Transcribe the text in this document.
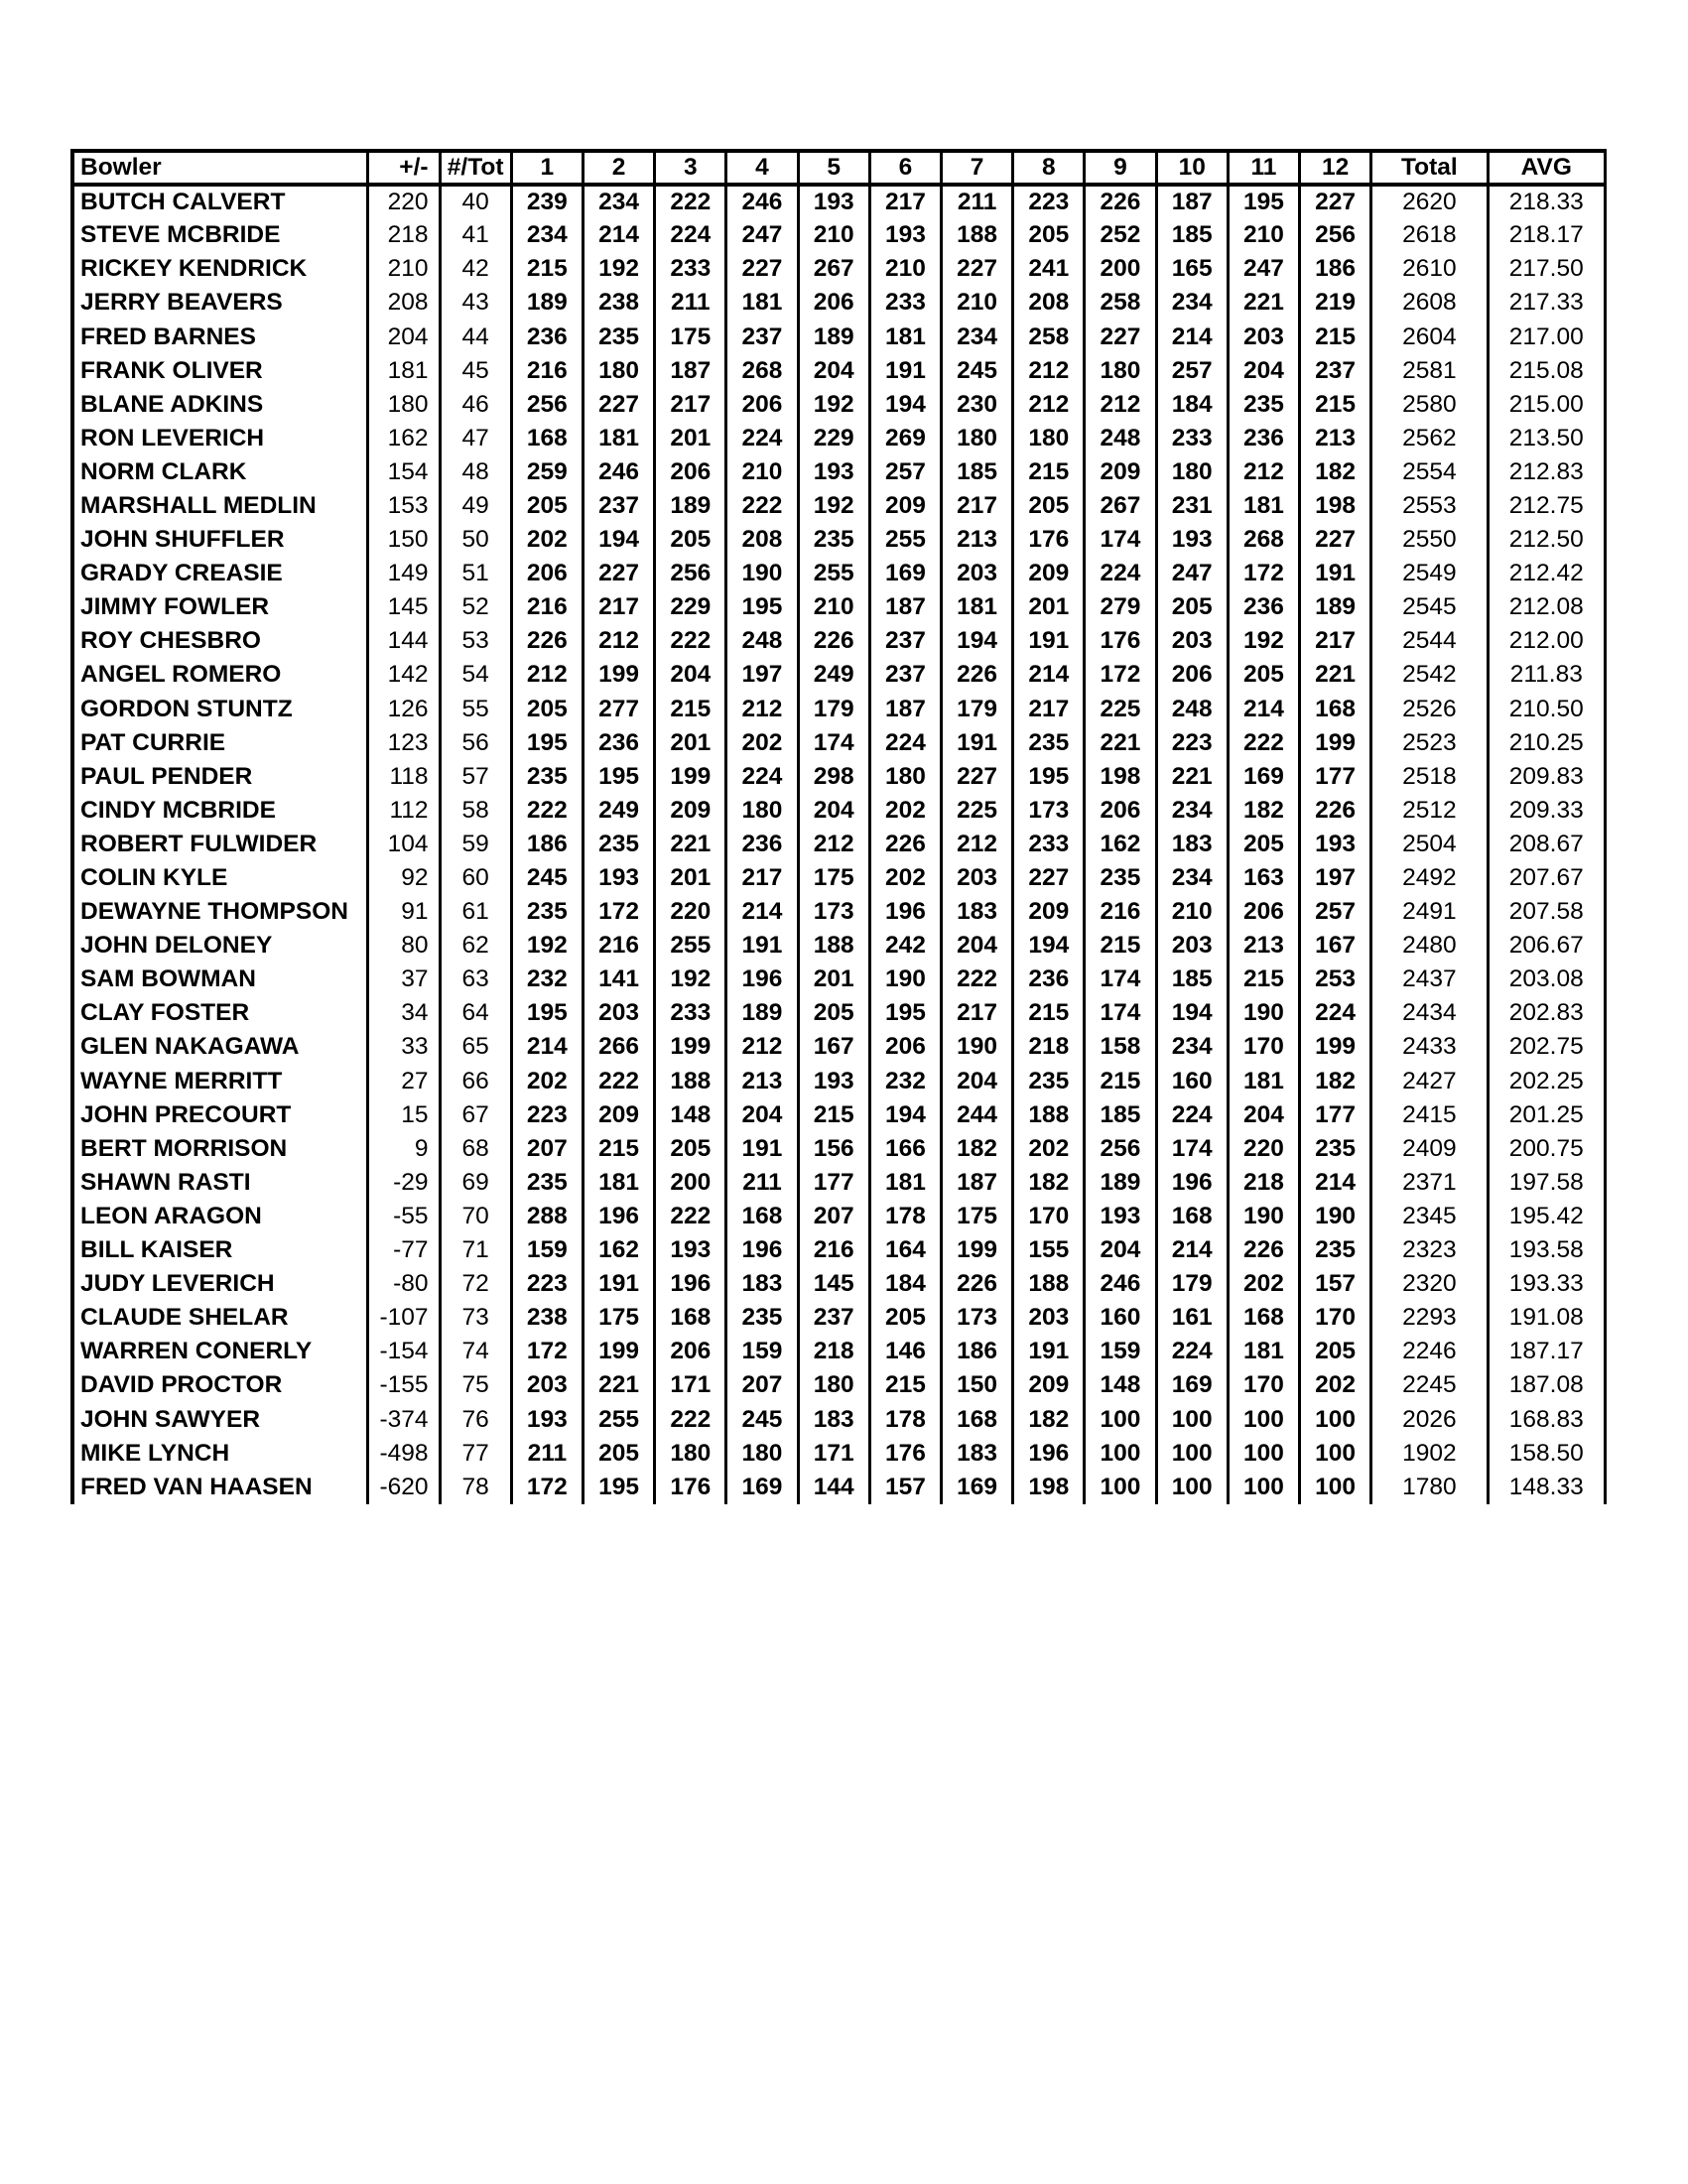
Bowler	+/-	#/Tot	1	2	3	4	5	6	7	8	9	10	11	12	Total	AVG
BUTCH CALVERT	220	40	239	234	222	246	193	217	211	223	226	187	195	227	2620	218.33
STEVE MCBRIDE	218	41	234	214	224	247	210	193	188	205	252	185	210	256	2618	218.17
RICKEY KENDRICK	210	42	215	192	233	227	267	210	227	241	200	165	247	186	2610	217.50
JERRY BEAVERS	208	43	189	238	211	181	206	233	210	208	258	234	221	219	2608	217.33
FRED BARNES	204	44	236	235	175	237	189	181	234	258	227	214	203	215	2604	217.00
FRANK OLIVER	181	45	216	180	187	268	204	191	245	212	180	257	204	237	2581	215.08
BLANE ADKINS	180	46	256	227	217	206	192	194	230	212	212	184	235	215	2580	215.00
RON LEVERICH	162	47	168	181	201	224	229	269	180	180	248	233	236	213	2562	213.50
NORM CLARK	154	48	259	246	206	210	193	257	185	215	209	180	212	182	2554	212.83
MARSHALL MEDLIN	153	49	205	237	189	222	192	209	217	205	267	231	181	198	2553	212.75
JOHN SHUFFLER	150	50	202	194	205	208	235	255	213	176	174	193	268	227	2550	212.50
GRADY CREASIE	149	51	206	227	256	190	255	169	203	209	224	247	172	191	2549	212.42
JIMMY FOWLER	145	52	216	217	229	195	210	187	181	201	279	205	236	189	2545	212.08
ROY CHESBRO	144	53	226	212	222	248	226	237	194	191	176	203	192	217	2544	212.00
ANGEL ROMERO	142	54	212	199	204	197	249	237	226	214	172	206	205	221	2542	211.83
GORDON STUNTZ	126	55	205	277	215	212	179	187	179	217	225	248	214	168	2526	210.50
PAT CURRIE	123	56	195	236	201	202	174	224	191	235	221	223	222	199	2523	210.25
PAUL PENDER	118	57	235	195	199	224	298	180	227	195	198	221	169	177	2518	209.83
CINDY MCBRIDE	112	58	222	249	209	180	204	202	225	173	206	234	182	226	2512	209.33
ROBERT FULWIDER	104	59	186	235	221	236	212	226	212	233	162	183	205	193	2504	208.67
COLIN KYLE	92	60	245	193	201	217	175	202	203	227	235	234	163	197	2492	207.67
DEWAYNE THOMPSON	91	61	235	172	220	214	173	196	183	209	216	210	206	257	2491	207.58
JOHN DELONEY	80	62	192	216	255	191	188	242	204	194	215	203	213	167	2480	206.67
SAM BOWMAN	37	63	232	141	192	196	201	190	222	236	174	185	215	253	2437	203.08
CLAY FOSTER	34	64	195	203	233	189	205	195	217	215	174	194	190	224	2434	202.83
GLEN NAKAGAWA	33	65	214	266	199	212	167	206	190	218	158	234	170	199	2433	202.75
WAYNE MERRITT	27	66	202	222	188	213	193	232	204	235	215	160	181	182	2427	202.25
JOHN PRECOURT	15	67	223	209	148	204	215	194	244	188	185	224	204	177	2415	201.25
BERT MORRISON	9	68	207	215	205	191	156	166	182	202	256	174	220	235	2409	200.75
SHAWN RASTI	-29	69	235	181	200	211	177	181	187	182	189	196	218	214	2371	197.58
LEON ARAGON	-55	70	288	196	222	168	207	178	175	170	193	168	190	190	2345	195.42
BILL KAISER	-77	71	159	162	193	196	216	164	199	155	204	214	226	235	2323	193.58
JUDY LEVERICH	-80	72	223	191	196	183	145	184	226	188	246	179	202	157	2320	193.33
CLAUDE SHELAR	-107	73	238	175	168	235	237	205	173	203	160	161	168	170	2293	191.08
WARREN CONERLY	-154	74	172	199	206	159	218	146	186	191	159	224	181	205	2246	187.17
DAVID PROCTOR	-155	75	203	221	171	207	180	215	150	209	148	169	170	202	2245	187.08
JOHN SAWYER	-374	76	193	255	222	245	183	178	168	182	100	100	100	100	2026	168.83
MIKE LYNCH	-498	77	211	205	180	180	171	176	183	196	100	100	100	100	1902	158.50
FRED VAN HAASEN	-620	78	172	195	176	169	144	157	169	198	100	100	100	100	1780	148.33
